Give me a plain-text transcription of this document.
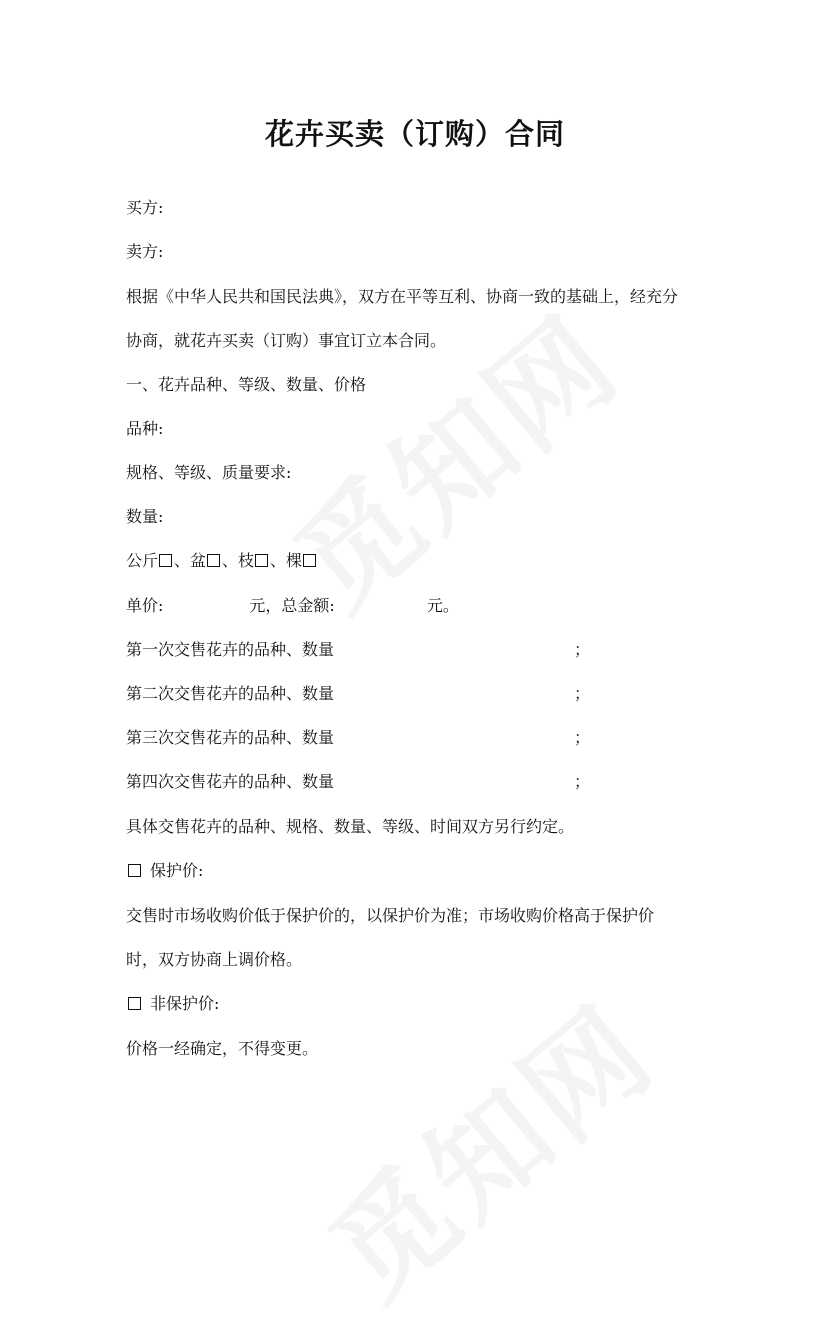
花卉买卖（订购）合同
买方:
卖方:
根据《中华人民共和国民法典》，双方在平等互利、协商一致的基础上，经充分
协商，就花卉买卖（订购）事宜订立本合同。
一、花卉品种、等级、数量、价格
品种:
规格、等级、质量要求:
数量:
公斤 、盆 、枝 、棵
单价:	元，总金额:	元。
第一次交售花卉的品种、数量	；
第二次交售花卉的品种、数量	；
第三次交售花卉的品种、数量	；
第四次交售花卉的品种、数量	；
具体交售花卉的品种、规格、数量、等级、时间双方另行约定。
保护价:
交售时市场收购价低于保护价的，以保护价为准；市场收购价格高于保护价
时，双方协商上调价格。
非保护价:
价格一经确定，不得变更。
